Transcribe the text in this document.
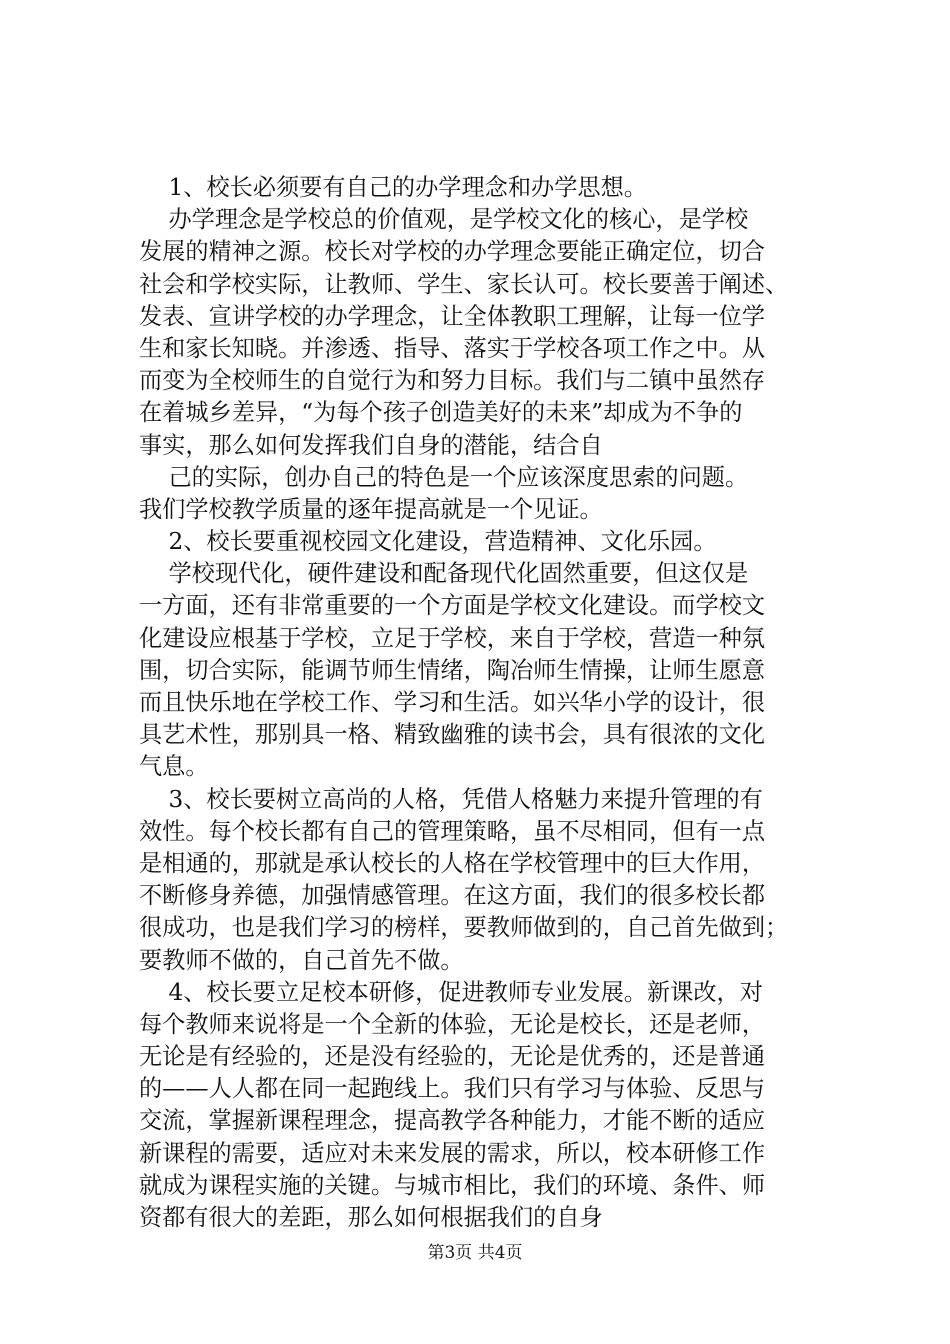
1、校长必须要有自己的办学理念和办学思想。
办学理念是学校总的价值观，是学校文化的核心，是学校
发展的精神之源。校长对学校的办学理念要能正确定位，切合
社会和学校实际，让教师、学生、家长认可。校长要善于阐述、
发表、宣讲学校的办学理念，让全体教职工理解，让每一位学
生和家长知晓。并渗透、指导、落实于学校各项工作之中。从
而变为全校师生的自觉行为和努力目标。我们与二镇中虽然存
在着城乡差异，“为每个孩子创造美好的未来”却成为不争的
事实，那么如何发挥我们自身的潜能，结合自
己的实际，创办自己的特色是一个应该深度思索的问题。
我们学校教学质量的逐年提高就是一个见证。
2、校长要重视校园文化建设，营造精神、文化乐园。
学校现代化，硬件建设和配备现代化固然重要，但这仅是
一方面，还有非常重要的一个方面是学校文化建设。而学校文
化建设应根基于学校，立足于学校，来自于学校，营造一种氛
围，切合实际，能调节师生情绪，陶冶师生情操，让师生愿意
而且快乐地在学校工作、学习和生活。如兴华小学的设计，很
具艺术性，那别具一格、精致幽雅的读书会，具有很浓的文化
气息。
3、校长要树立高尚的人格，凭借人格魅力来提升管理的有
效性。每个校长都有自己的管理策略，虽不尽相同，但有一点
是相通的，那就是承认校长的人格在学校管理中的巨大作用，
不断修身养德，加强情感管理。在这方面，我们的很多校长都
很成功，也是我们学习的榜样，要教师做到的，自己首先做到；
要教师不做的，自己首先不做。
4、校长要立足校本研修，促进教师专业发展。新课改，对
每个教师来说将是一个全新的体验，无论是校长，还是老师，
无论是有经验的，还是没有经验的，无论是优秀的，还是普通
的——人人都在同一起跑线上。我们只有学习与体验、反思与
交流，掌握新课程理念，提高教学各种能力，才能不断的适应
新课程的需要，适应对未来发展的需求，所以，校本研修工作
就成为课程实施的关键。与城市相比，我们的环境、条件、师
资都有很大的差距，那么如何根据我们的自身
第3页 共4页
